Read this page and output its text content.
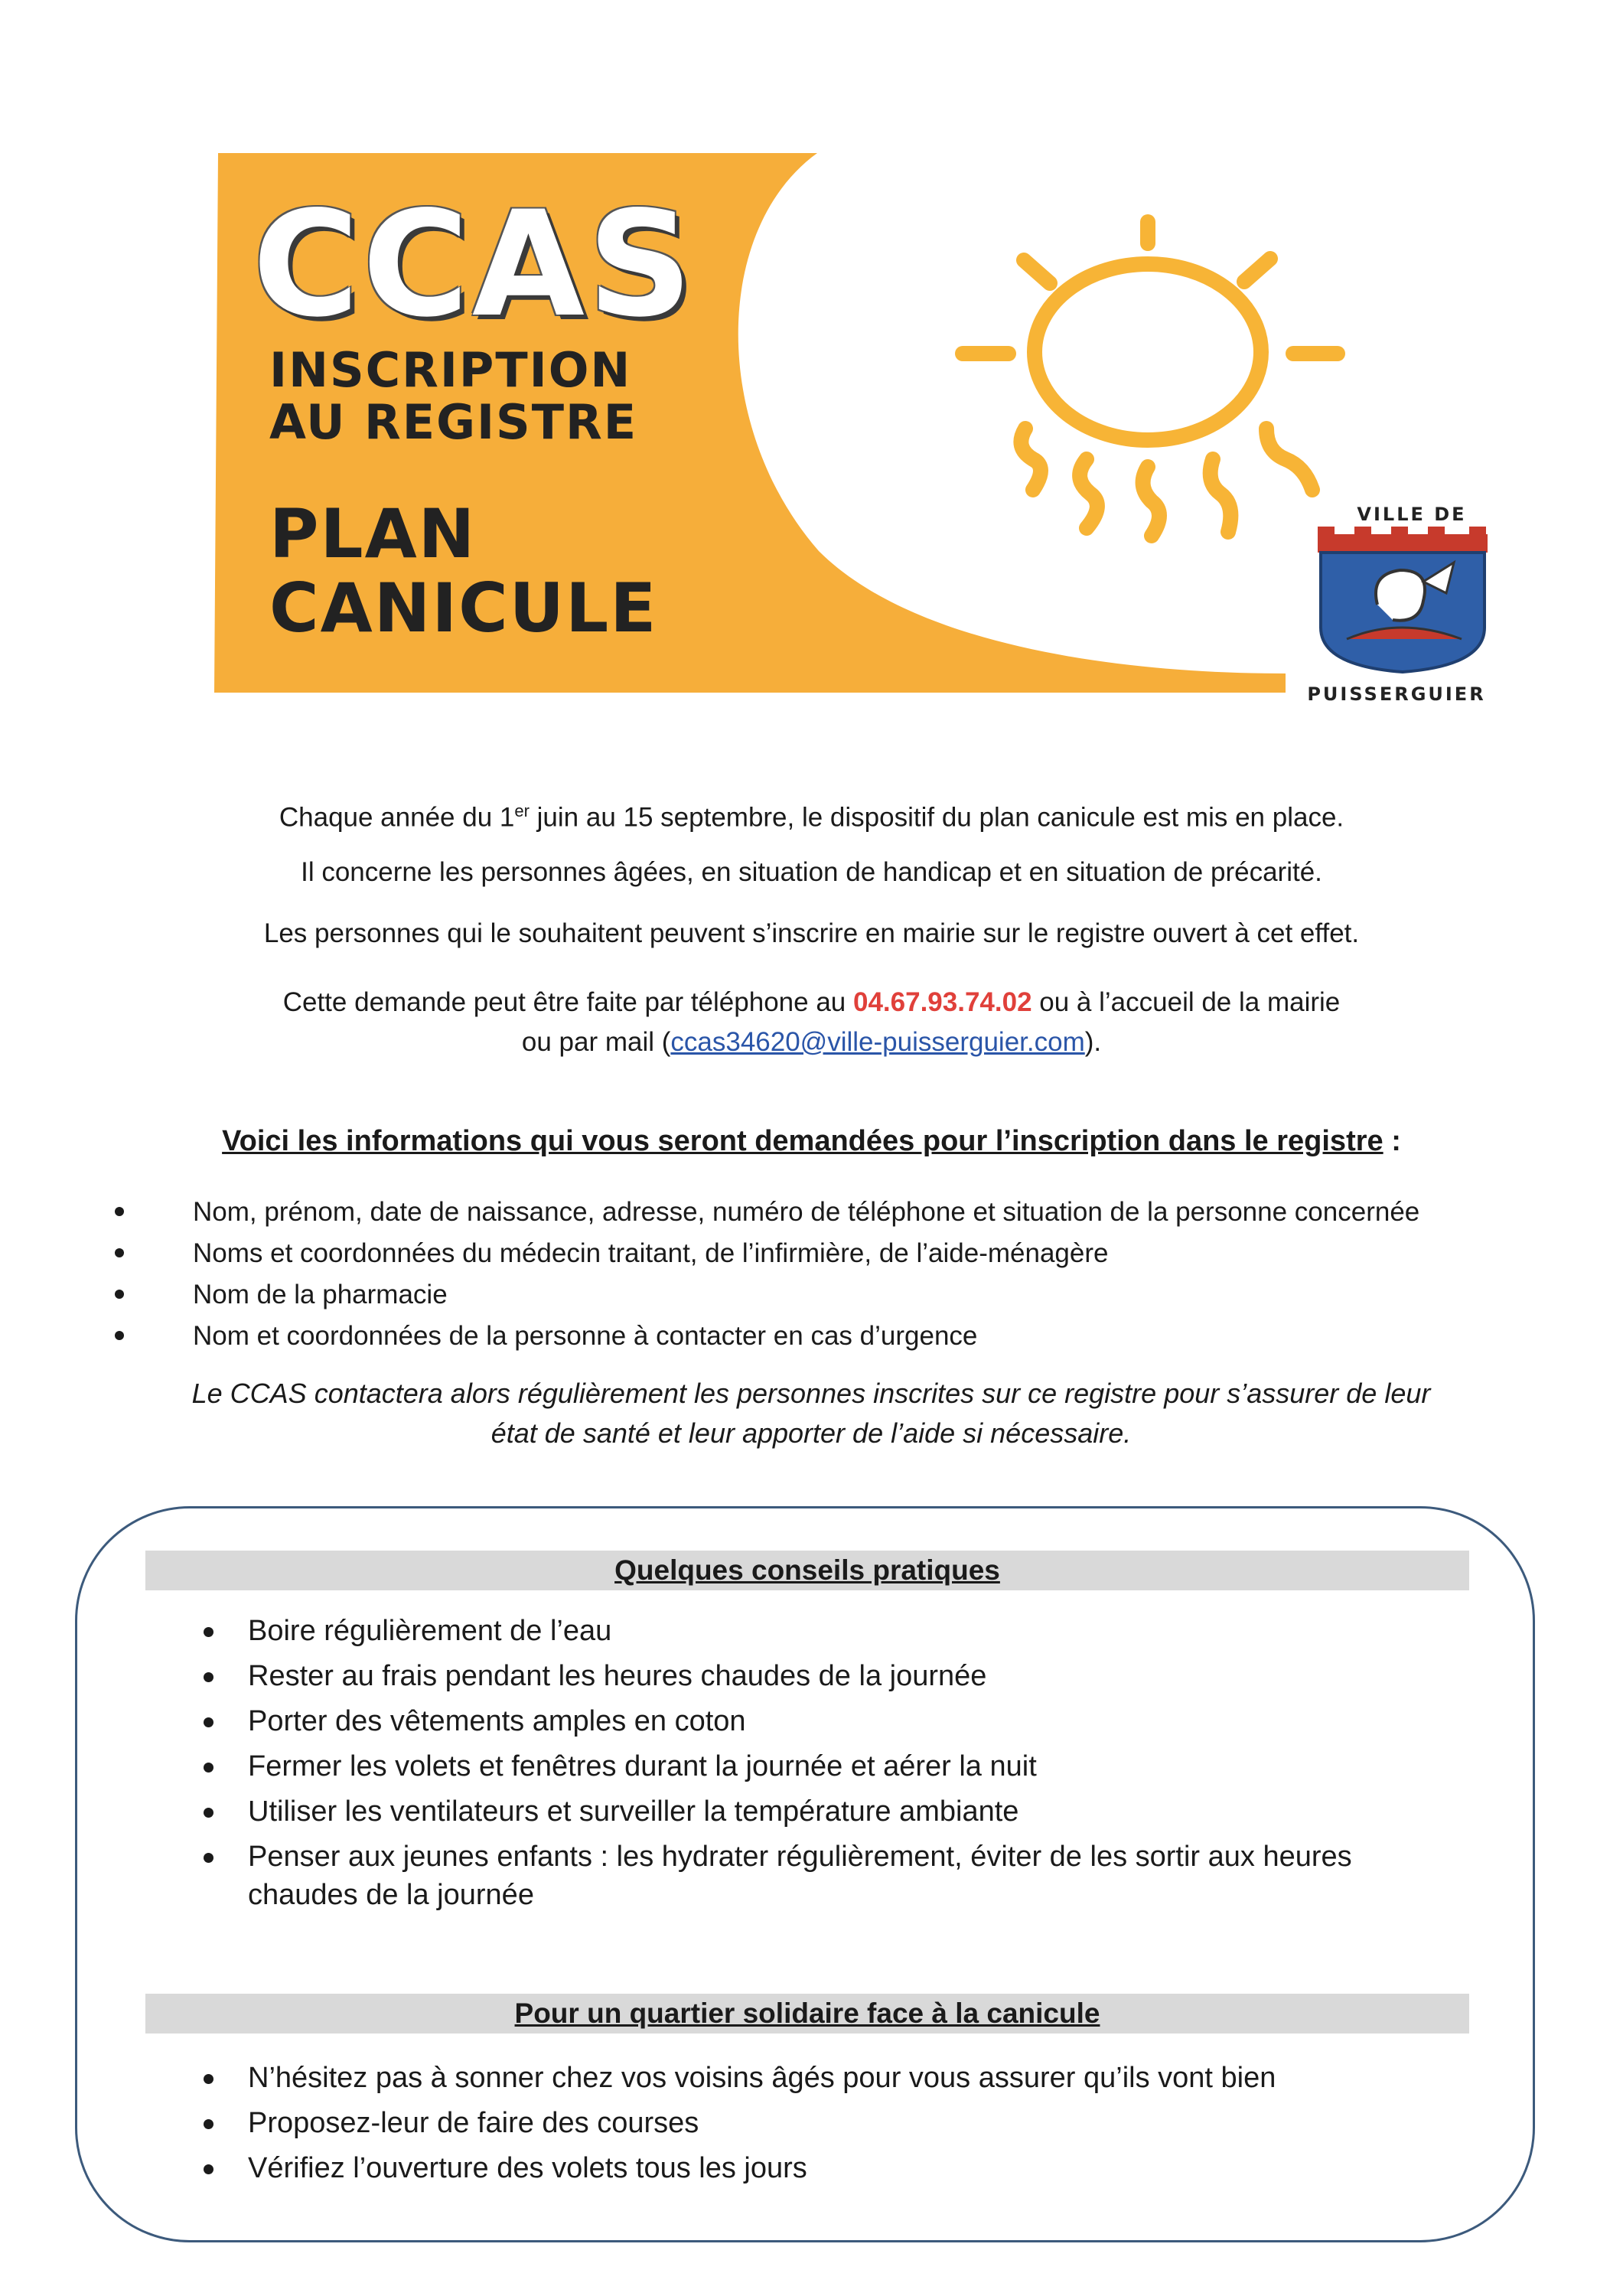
CCAS
INSCRIPTION
AU REGISTRE
PLAN
CANICULE
VILLE DE
PUISSERGUIER
Chaque année du 1er juin au 15 septembre, le dispositif du plan canicule est mis en place.
Il concerne les personnes âgées, en situation de handicap et en situation de précarité.
Les personnes qui le souhaitent peuvent s’inscrire en mairie sur le registre ouvert à cet effet.
Cette demande peut être faite par téléphone au 04.67.93.74.02 ou à l’accueil de la mairie
ou par mail (ccas34620@ville-puisserguier.com).
Voici les informations qui vous seront demandées pour l’inscription dans le registre :
Nom, prénom, date de naissance, adresse, numéro de téléphone et situation de la personne concernée
Noms et coordonnées du médecin traitant, de l’infirmière, de l’aide-ménagère
Nom de la pharmacie
Nom et coordonnées de la personne à contacter en cas d’urgence
Le CCAS contactera alors régulièrement les personnes inscrites sur ce registre pour s’assurer de leur
état de santé et leur apporter de l’aide si nécessaire.
Quelques conseils pratiques
Boire régulièrement de l’eau
Rester au frais pendant les heures chaudes de la journée
Porter des vêtements amples en coton
Fermer les volets et fenêtres durant la journée et aérer la nuit
Utiliser les ventilateurs et surveiller la température ambiante
Penser aux jeunes enfants : les hydrater régulièrement, éviter de les sortir aux heures chaudes de la journée
Pour un quartier solidaire face à la canicule
N’hésitez pas à sonner chez vos voisins âgés pour vous assurer qu’ils vont bien
Proposez-leur de faire des courses
Vérifiez l’ouverture des volets tous les jours
